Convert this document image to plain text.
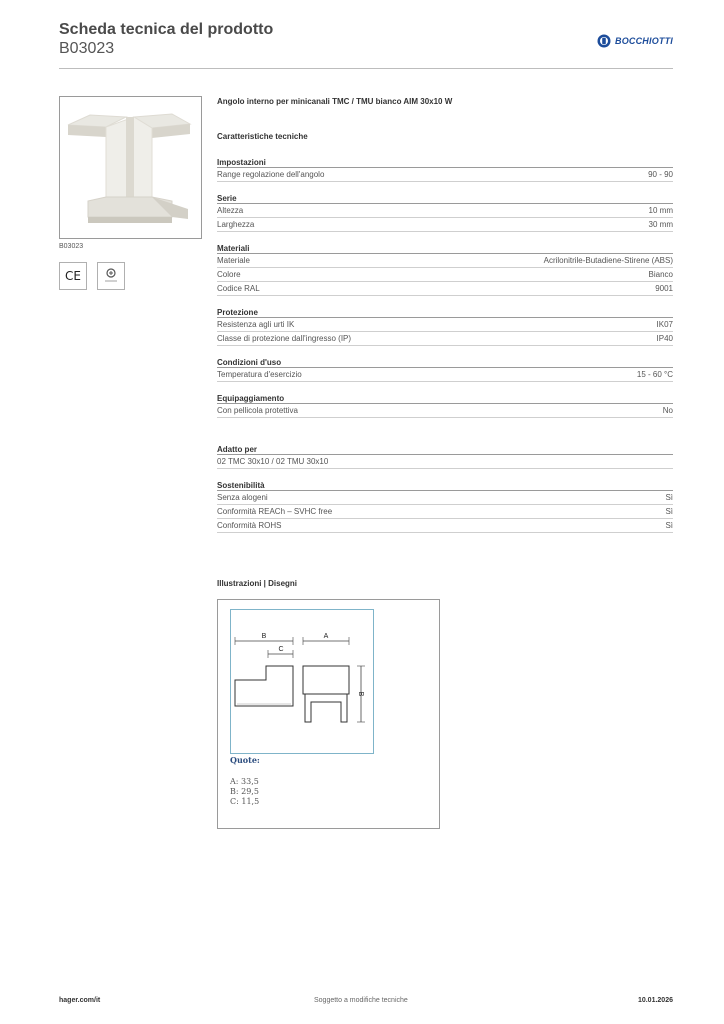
Scheda tecnica del prodotto
B03023	BOCCHIOTTI
B03023
CE
Angolo interno per minicanali TMC / TMU bianco AIM 30x10 W
Caratteristiche tecniche
Impostazioni
Range regolazione dell'angolo	90 - 90
Serie
Altezza	10 mm
Larghezza	30 mm
Materiali
Materiale	Acrilonitrile-Butadiene-Stirene (ABS)
Colore	Bianco
Codice RAL	9001
Protezione
Resistenza agli urti IK	IK07
Classe di protezione dall'ingresso (IP)	IP40
Condizioni d'uso
Temperatura d'esercizio	15 - 60 °C
Equipaggiamento
Con pellicola protettiva	No
Adatto per
02 TMC 30x10 / 02 TMU 30x10
Sostenibilità
Senza alogeni	Sì
Conformità REACh – SVHC free	Sì
Conformità ROHS	Sì
Illustrazioni | Disegni
B	A
C
B
Quote:
A: 33,5
B: 29,5
C: 11,5
hager.com/it	Soggetto a modifiche tecniche	10.01.2026
